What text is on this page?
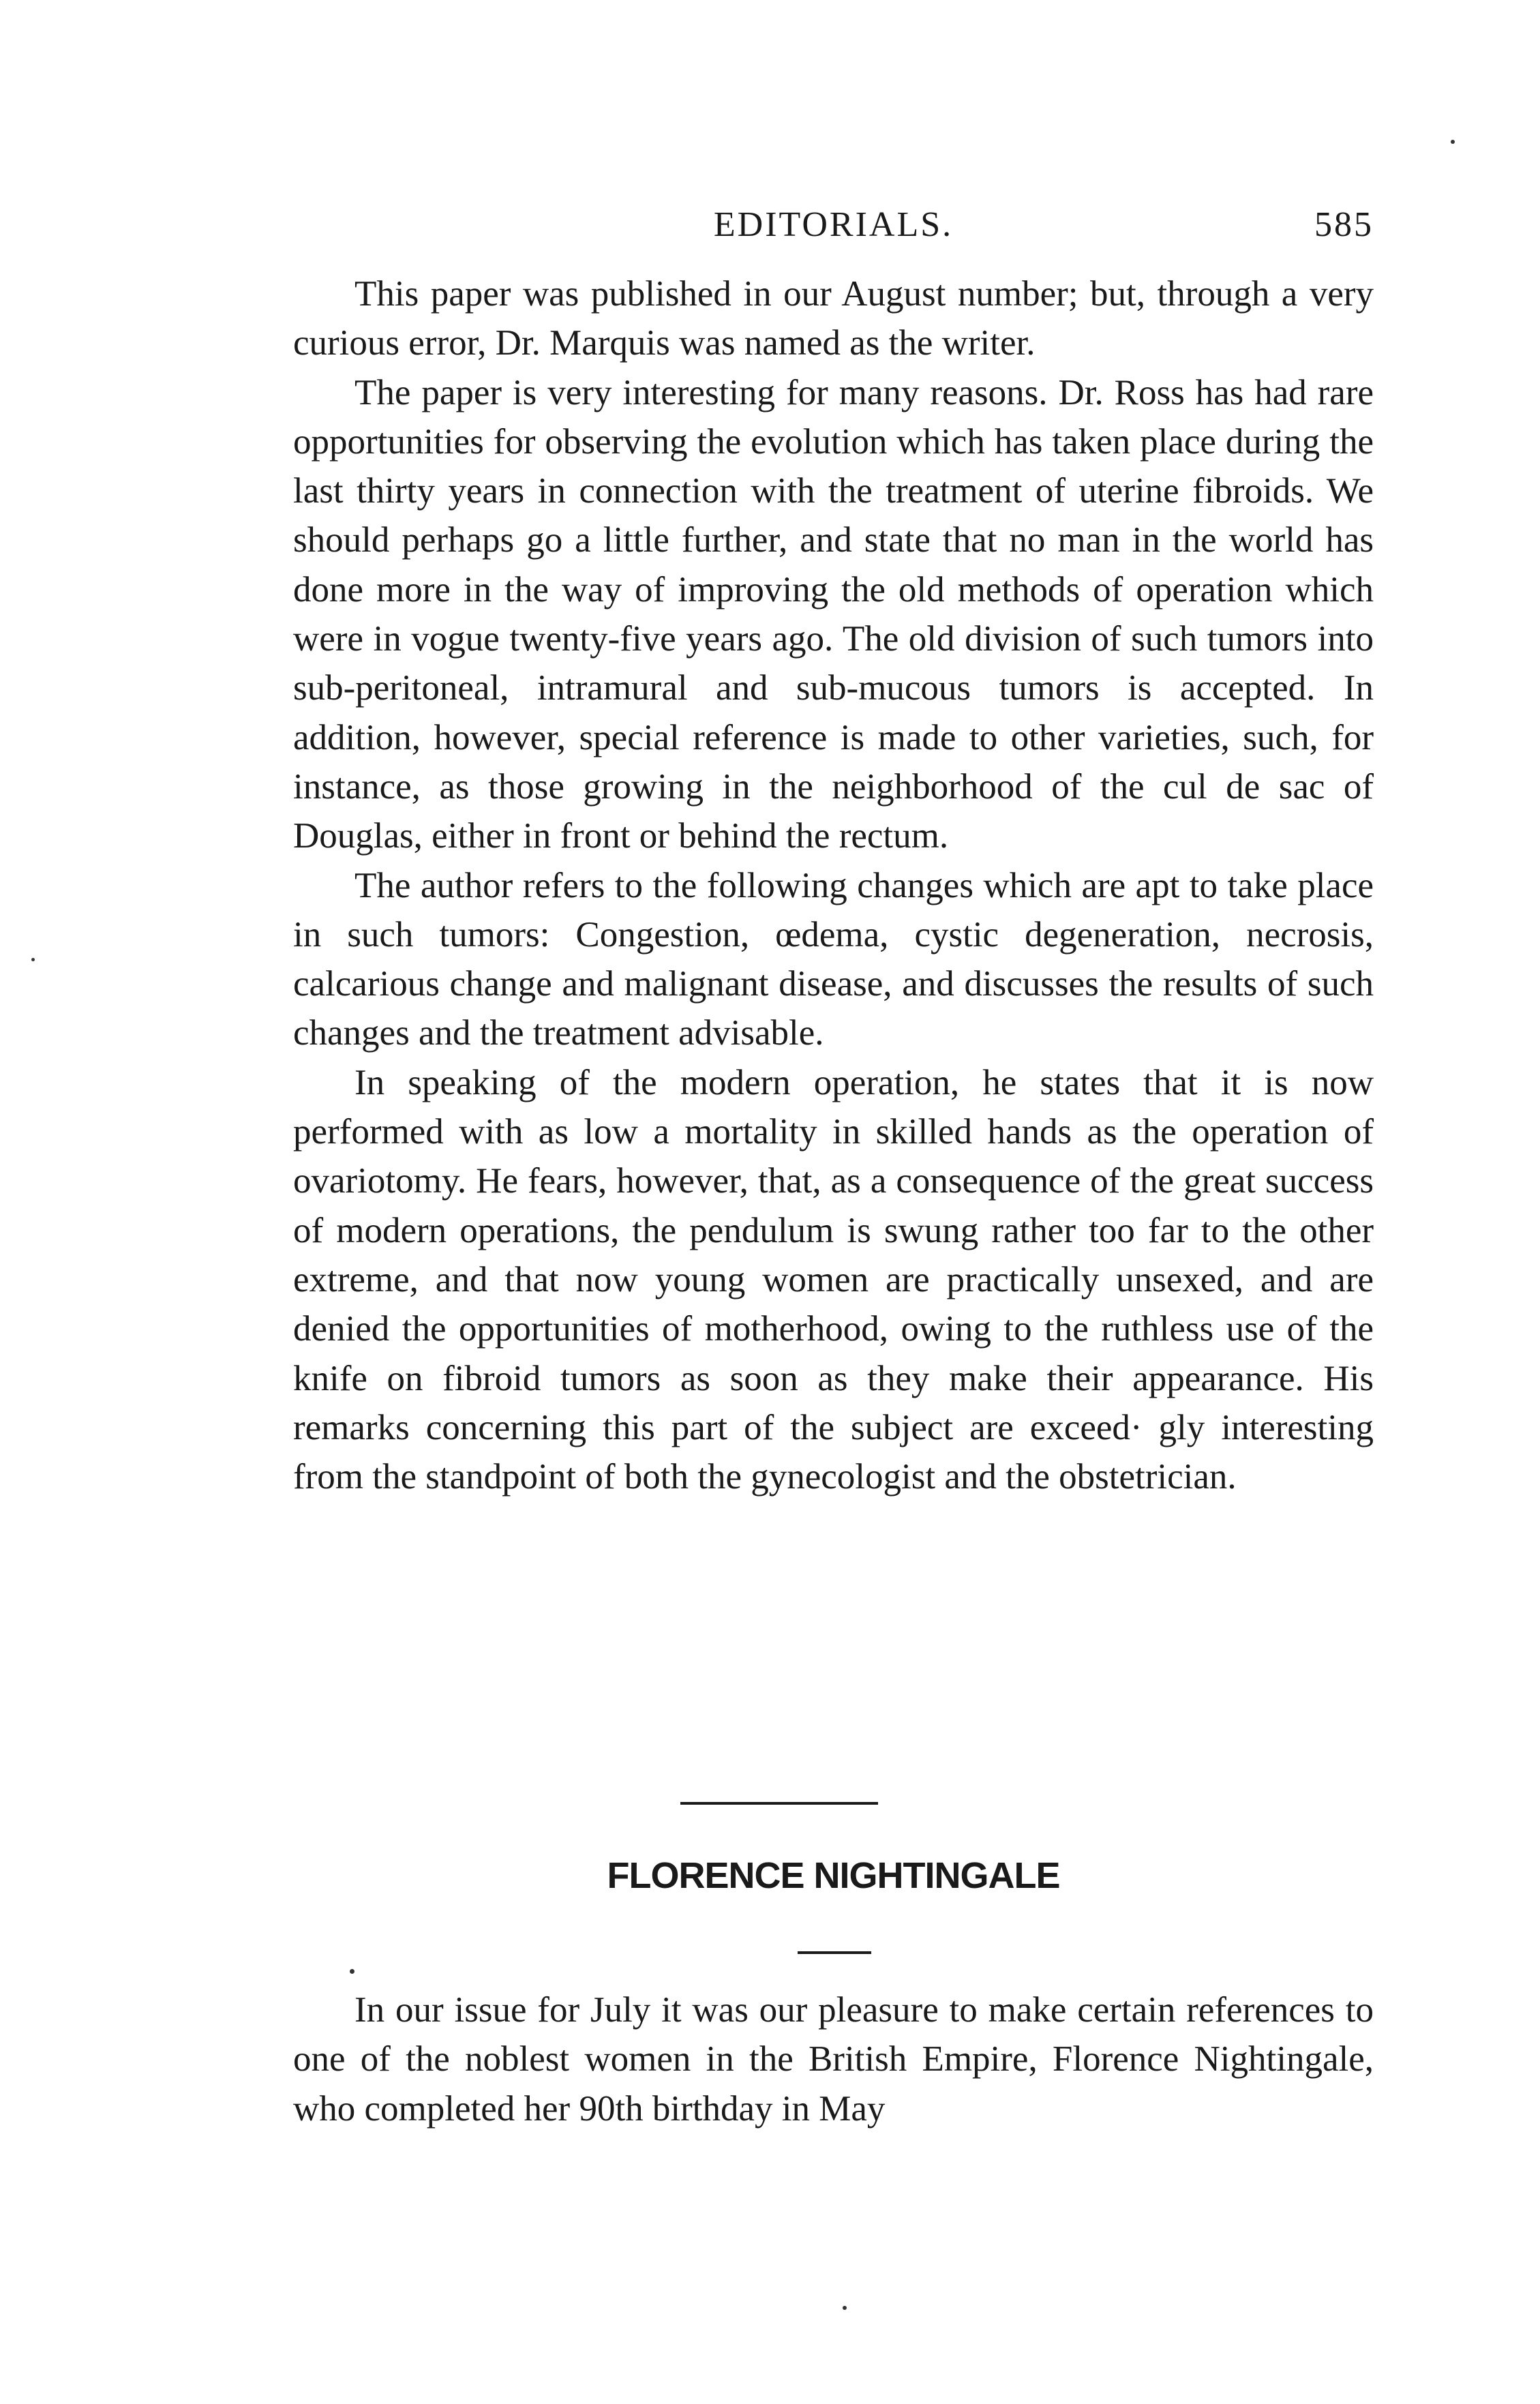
EDITORIALS.	585

This paper was published in our August number; but, through a very curious error, Dr. Marquis was named as the writer.

The paper is very interesting for many reasons. Dr. Ross has had rare opportunities for observing the evolution which has taken place during the last thirty years in connection with the treatment of uterine fibroids. We should perhaps go a little further, and state that no man in the world has done more in the way of improving the old methods of operation which were in vogue twenty-five years ago. The old division of such tumors into sub-peritoneal, intramural and sub-mucous tumors is accepted. In addition, however, special reference is made to other varieties, such, for instance, as those growing in the neighborhood of the cul de sac of Douglas, either in front or behind the rectum.

The author refers to the following changes which are apt to take place in such tumors: Congestion, œdema, cystic degeneration, necrosis, calcarious change and malignant disease, and discusses the results of such changes and the treatment advisable.

In speaking of the modern operation, he states that it is now performed with as low a mortality in skilled hands as the operation of ovariotomy. He fears, however, that, as a consequence of the great success of modern operations, the pendulum is swung rather too far to the other extreme, and that now young women are practically unsexed, and are denied the opportunities of motherhood, owing to the ruthless use of the knife on fibroid tumors as soon as they make their appearance. His remarks concerning this part of the subject are exceed· gly interesting from the standpoint of both the gynecologist and the obstetrician.

FLORENCE NIGHTINGALE

In our issue for July it was our pleasure to make certain references to one of the noblest women in the British Empire, Florence Nightingale, who completed her 90th birthday in May
